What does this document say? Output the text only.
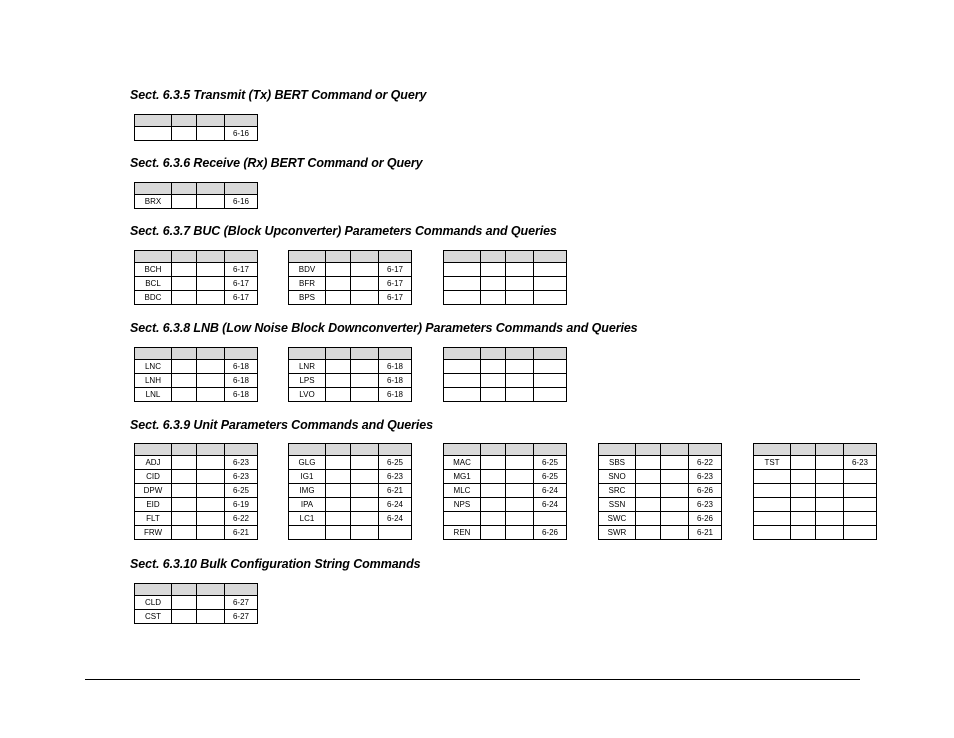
Sect. 6.3.5 Transmit (Tx) BERT Command or Query

			6-16
Sect. 6.3.6 Receive (Rx) BERT Command or Query

BRX			6-16
Sect. 6.3.7 BUC (Block Upconverter) Parameters Commands and Queries

BCH			6-17
BCL			6-17
BDC			6-17

BDV			6-17
BFR			6-17
BPS			6-17

Sect. 6.3.8 LNB (Low Noise Block Downconverter) Parameters Commands and Queries

LNC			6-18
LNH			6-18
LNL			6-18

LNR			6-18
LPS			6-18
LVO			6-18

Sect. 6.3.9 Unit Parameters Commands and Queries

ADJ			6-23
CID			6-23
DPW			6-25
EID			6-19
FLT			6-22
FRW			6-21

GLG			6-25
IG1			6-23
IMG			6-21
IPA			6-24
LC1			6-24

MAC			6-25
MG1			6-25
MLC			6-24
NPS			6-24

REN			6-26

SBS			6-22
SNO			6-23
SRC			6-26
SSN			6-23
SWC			6-26
SWR			6-21

TST			6-23

Sect. 6.3.10 Bulk Configuration String Commands

CLD			6-27
CST			6-27
